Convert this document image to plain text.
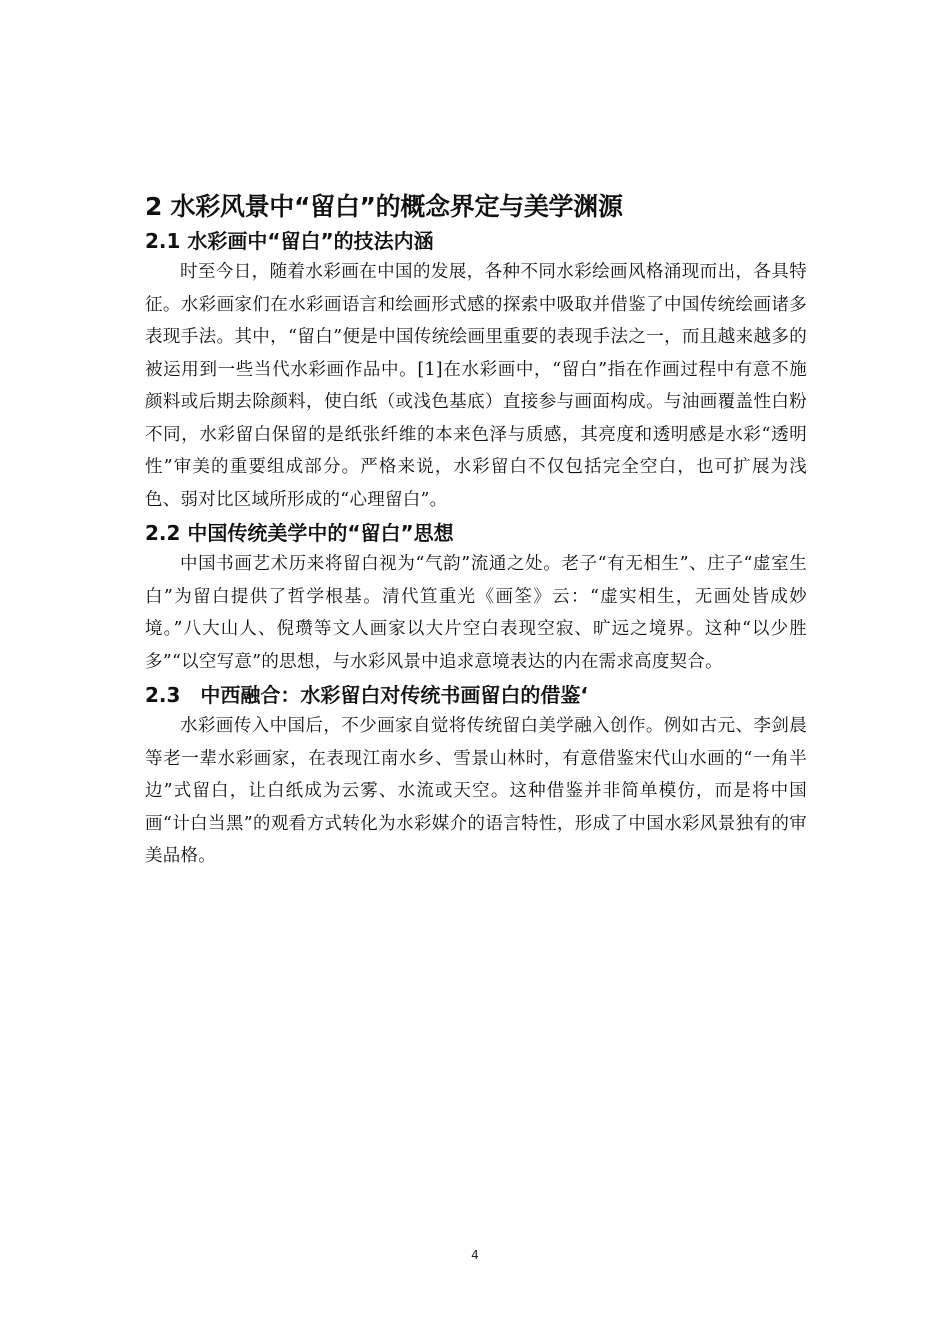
2 水彩风景中“留白”的概念界定与美学渊源
2.1 水彩画中“留白”的技法内涵

时至今日，随着水彩画在中国的发展，各种不同水彩绘画风格涌现而出，各具特征。水彩画家们在水彩画语言和绘画形式感的探索中吸取并借鉴了中国传统绘画诸多表现手法。其中，“留白”便是中国传统绘画里重要的表现手法之一，而且越来越多的被运用到一些当代水彩画作品中。[1]在水彩画中，“留白”指在作画过程中有意不施颜料或后期去除颜料，使白纸（或浅色基底）直接参与画面构成。与油画覆盖性白粉不同，水彩留白保留的是纸张纤维的本来色泽与质感，其亮度和透明感是水彩“透明性”审美的重要组成部分。严格来说，水彩留白不仅包括完全空白，也可扩展为浅色、弱对比区域所形成的“心理留白”。

2.2 中国传统美学中的“留白”思想

中国书画艺术历来将留白视为“气韵”流通之处。老子“有无相生”、庄子“虚室生白”为留白提供了哲学根基。清代笪重光《画筌》云：“虚实相生，无画处皆成妙境。”八大山人、倪瓒等文人画家以大片空白表现空寂、旷远之境界。这种“以少胜多”“以空写意”的思想，与水彩风景中追求意境表达的内在需求高度契合。

2.3　中西融合：水彩留白对传统书画留白的借鉴‘

水彩画传入中国后，不少画家自觉将传统留白美学融入创作。例如古元、李剑晨等老一辈水彩画家，在表现江南水乡、雪景山林时，有意借鉴宋代山水画的“一角半边”式留白，让白纸成为云雾、水流或天空。这种借鉴并非简单模仿，而是将中国画“计白当黑”的观看方式转化为水彩媒介的语言特性，形成了中国水彩风景独有的审美品格。

4
